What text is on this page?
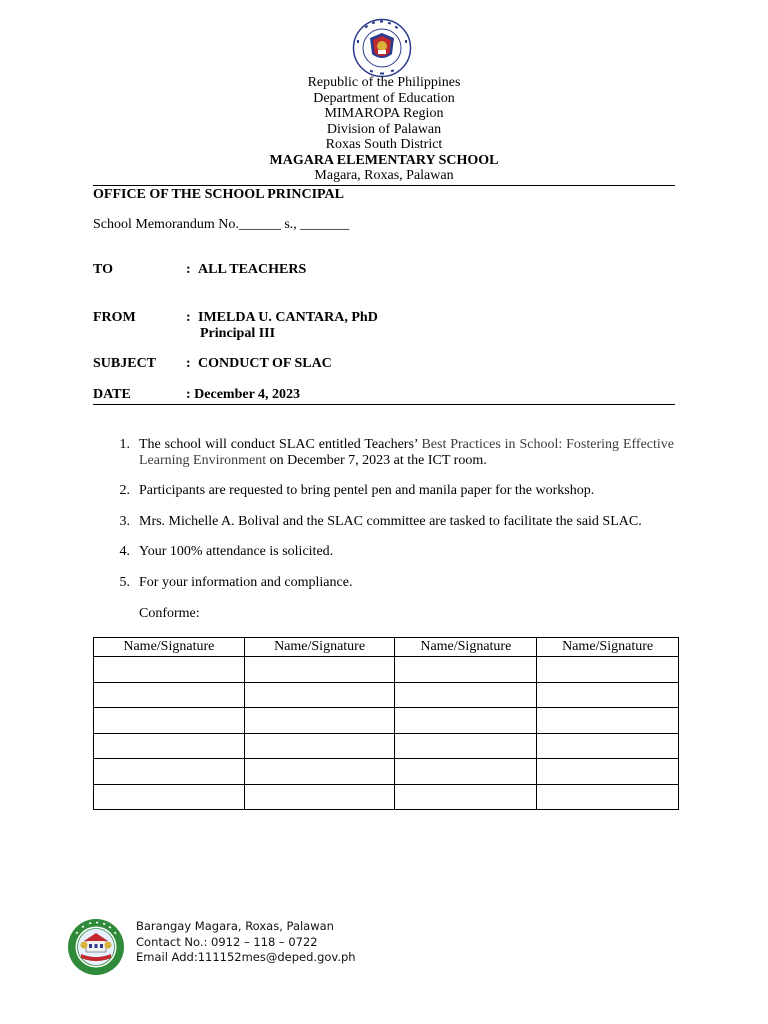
Republic of the Philippines
Department of Education
MIMAROPA Region
Division of Palawan
Roxas South District
MAGARA ELEMENTARY SCHOOL
Magara, Roxas, Palawan
OFFICE OF THE SCHOOL PRINCIPAL
School Memorandum No.______ s., _______
TO	: ALL TEACHERS
FROM	: IMELDA U. CANTARA, PhD
Principal III
SUBJECT : CONDUCT OF SLAC
DATE	: December 4, 2023
1. The school will conduct SLAC entitled Teachers’ Best Practices in School: Fostering Effective Learning Environment on December 7, 2023 at the ICT room.
2. Participants are requested to bring pentel pen and manila paper for the workshop.
3. Mrs. Michelle A. Bolival and the SLAC committee are tasked to facilitate the said SLAC.
4. Your 100% attendance is solicited.
5. For your information and compliance.
Conforme:
Name/Signature	Name/Signature	Name/Signature	Name/Signature

Barangay Magara, Roxas, Palawan
Contact No.: 0912 – 118 – 0722
Email Add:111152mes@deped.gov.ph
